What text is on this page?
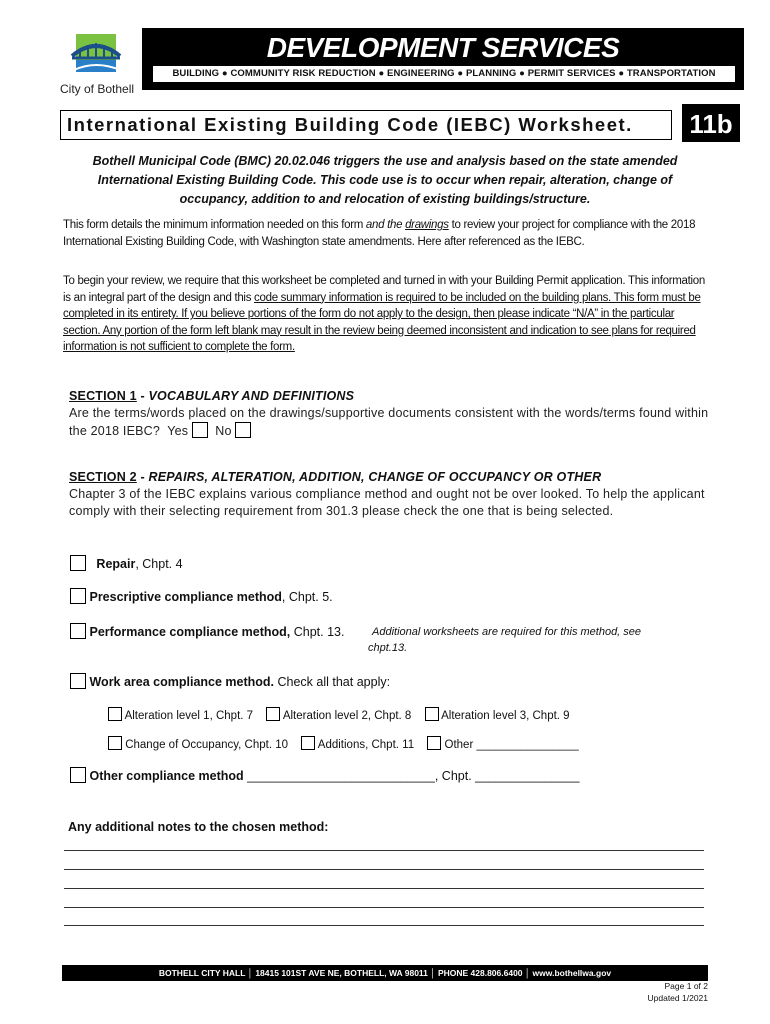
City of Bothell
DEVELOPMENT SERVICES
BUILDING ● COMMUNITY RISK REDUCTION ● ENGINEERING ● PLANNING ● PERMIT SERVICES ● TRANSPORTATION
International Existing Building Code (IEBC) Worksheet.	11b
Bothell Municipal Code (BMC) 20.02.046 triggers the use and analysis based on the state amended International Existing Building Code. This code use is to occur when repair, alteration, change of occupancy, addition to and relocation of existing buildings/structure.
This form details the minimum information needed on this form and the drawings to review your project for compliance with the 2018 International Existing Building Code, with Washington state amendments. Here after referenced as the IEBC.
To begin your review, we require that this worksheet be completed and turned in with your Building Permit application. This information is an integral part of the design and this code summary information is required to be included on the building plans. This form must be completed in its entirety. If you believe portions of the form do not apply to the design, then please indicate “N/A” in the particular section. Any portion of the form left blank may result in the review being deemed inconsistent and indication to see plans for required information is not sufficient to complete the form.
SECTION 1 - VOCABULARY AND DEFINITIONS
Are the terms/words placed on the drawings/supportive documents consistent with the words/terms found within the 2018 IEBC? Yes No
SECTION 2 - REPAIRS, ALTERATION, ADDITION, CHANGE OF OCCUPANCY OR OTHER
Chapter 3 of the IEBC explains various compliance method and ought not be over looked. To help the applicant comply with their selecting requirement from 301.3 please check the one that is being selected.
Repair, Chpt. 4
Prescriptive compliance method, Chpt. 5.
Performance compliance method, Chpt. 13.	Additional worksheets are required for this method, see
chpt.13.
Work area compliance method. Check all that apply:
Alteration level 1, Chpt. 7	Alteration level 2, Chpt. 8	Alteration level 3, Chpt. 9
Change of Occupancy, Chpt. 10	Additions, Chpt. 11	Other ________________
Other compliance method ___________________________, Chpt. _______________
Any additional notes to the chosen method:
BOTHELL CITY HALL │ 18415 101ST AVE NE, BOTHELL, WA 98011 │ PHONE 428.806.6400 │ www.bothellwa.gov
Page 1 of 2
Updated 1/2021
